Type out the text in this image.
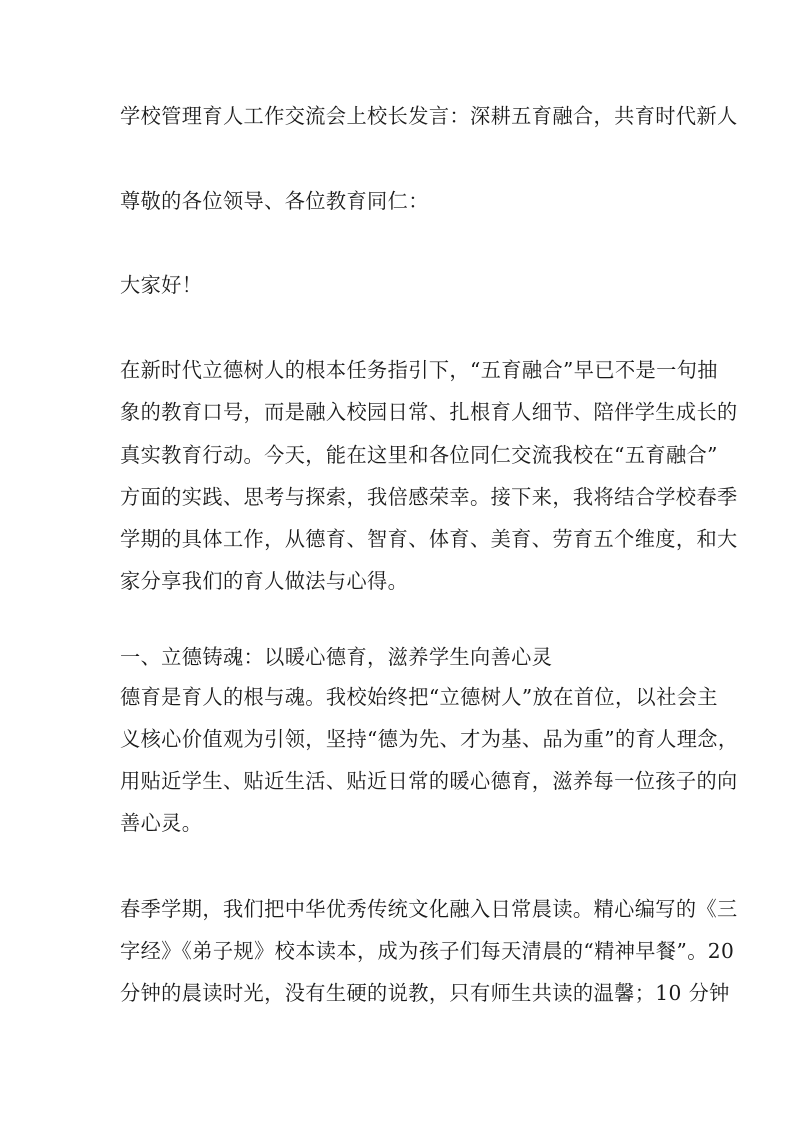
学校管理育人工作交流会上校长发言：深耕五育融合，共育时代新人
尊敬的各位领导、各位教育同仁：
大家好！
在新时代立德树人的根本任务指引下，“五育融合”早已不是一句抽
象的教育口号，而是融入校园日常、扎根育人细节、陪伴学生成长的
真实教育行动。今天，能在这里和各位同仁交流我校在“五育融合”
方面的实践、思考与探索，我倍感荣幸。接下来，我将结合学校春季
学期的具体工作，从德育、智育、体育、美育、劳育五个维度，和大
家分享我们的育人做法与心得。
一、立德铸魂：以暖心德育，滋养学生向善心灵
德育是育人的根与魂。我校始终把“立德树人”放在首位，以社会主
义核心价值观为引领，坚持“德为先、才为基、品为重”的育人理念，
用贴近学生、贴近生活、贴近日常的暖心德育，滋养每一位孩子的向
善心灵。
春季学期，我们把中华优秀传统文化融入日常晨读。精心编写的《三
字经》《弟子规》校本读本，成为孩子们每天清晨的“精神早餐”。20
分钟的晨读时光，没有生硬的说教，只有师生共读的温馨；10 分钟
